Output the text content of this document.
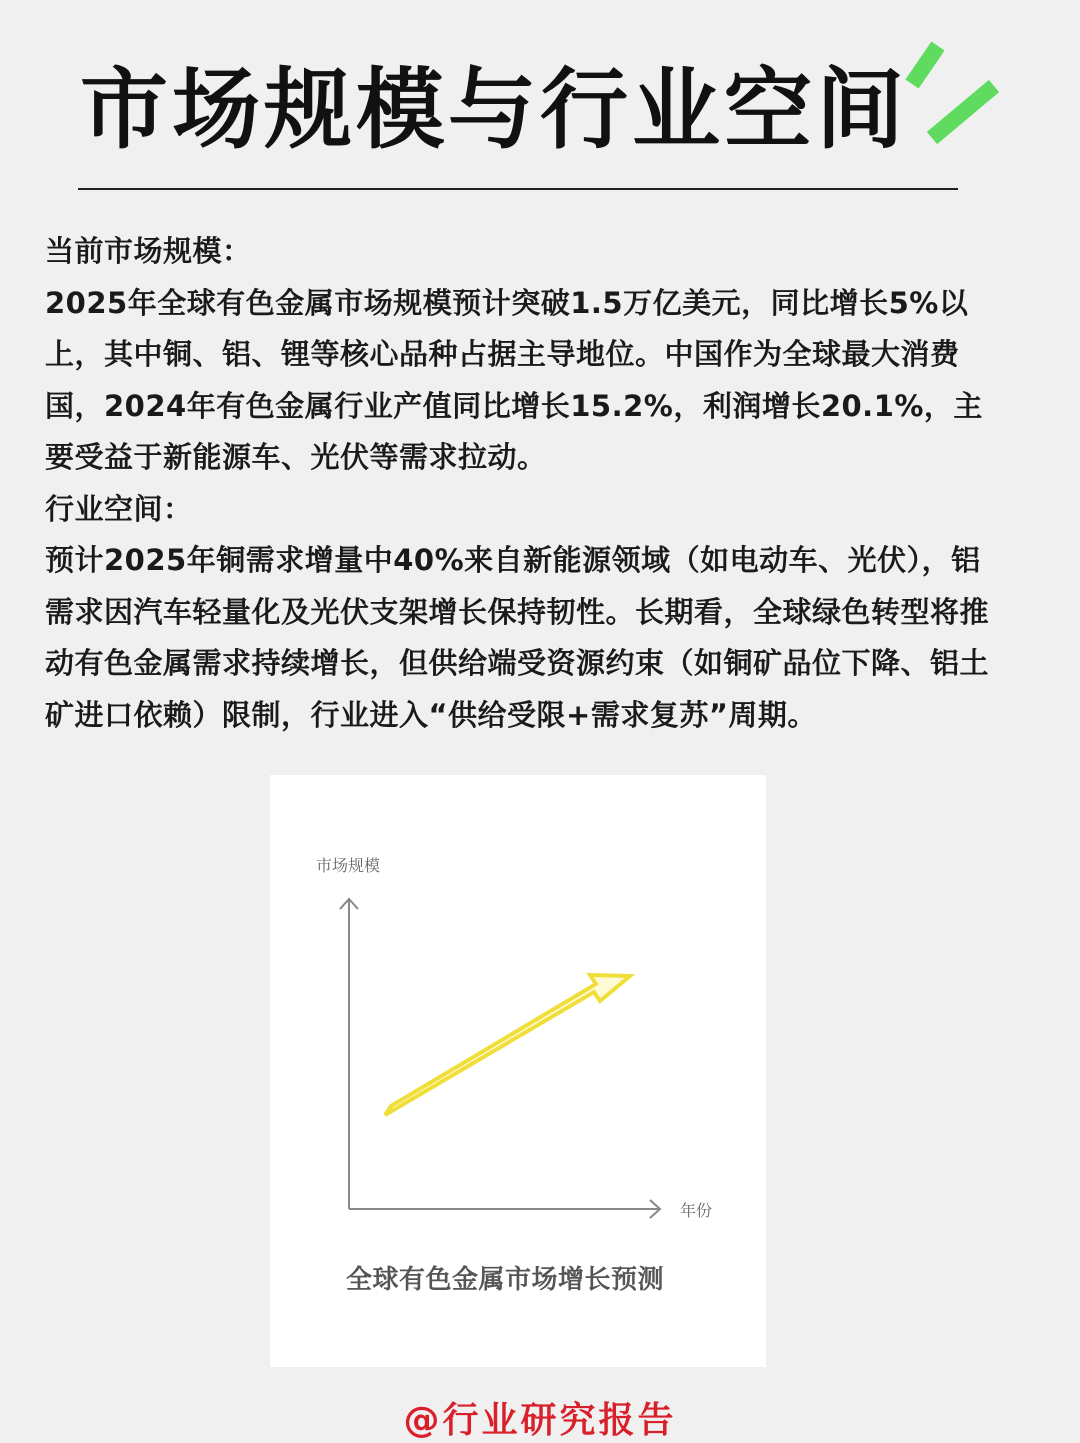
市场规模与行业空间

当前市场规模：

2025年全球有色金属市场规模预计突破1.5万亿美元，同比增长5%以上，其中铜、铝、锂等核心品种占据主导地位。中国作为全球最大消费国，2024年有色金属行业产值同比增长15.2%，利润增长20.1%，主要受益于新能源车、光伏等需求拉动。

行业空间：

预计2025年铜需求增量中40%来自新能源领域（如电动车、光伏），铝需求因汽车轻量化及光伏支架增长保持韧性。长期看，全球绿色转型将推动有色金属需求持续增长，但供给端受资源约束（如铜矿品位下降、铝土矿进口依赖）限制，行业进入“供给受限+需求复苏”周期。

市场规模
年份
全球有色金属市场增长预测
@行业研究报告
